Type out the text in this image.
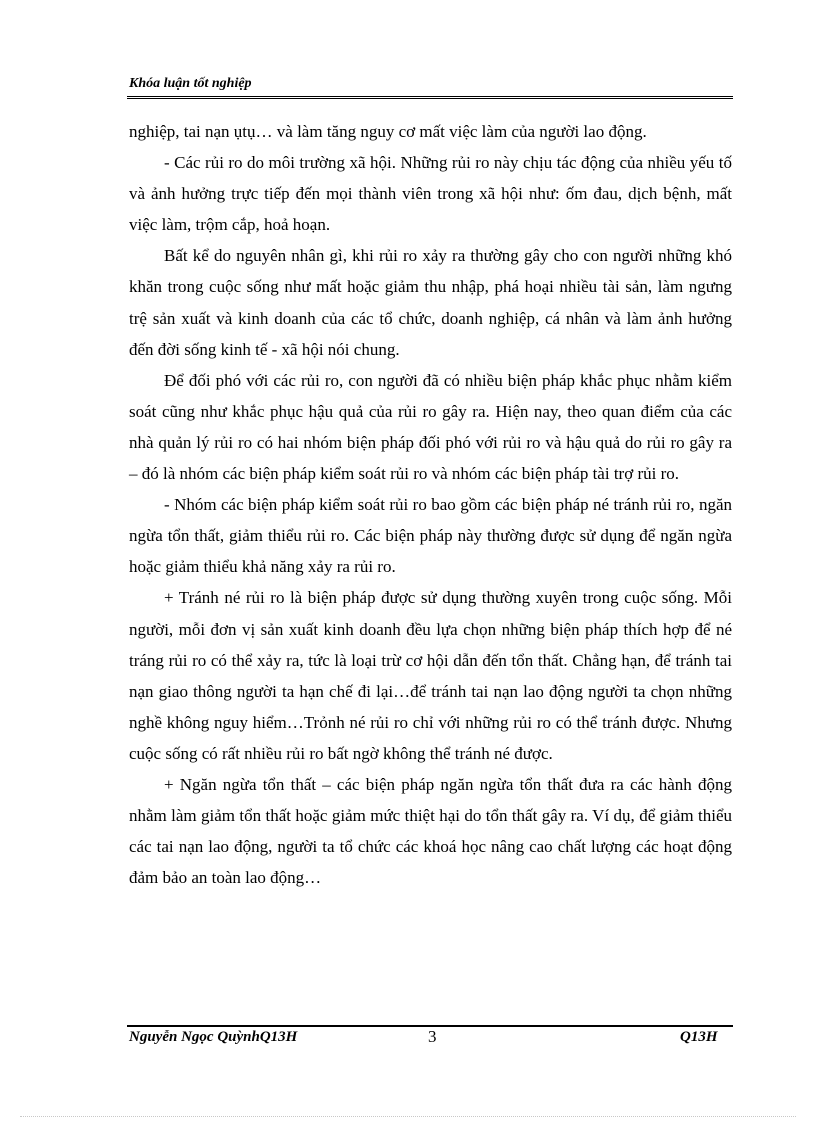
Khóa luận tốt nghiệp

nghiệp, tai nạn ụtụ… và làm tăng nguy cơ mất việc làm của người lao động.

- Các rủi ro do môi trường xã hội. Những rủi ro này chịu tác động của nhiều yếu tố và ảnh hưởng trực tiếp đến mọi thành viên trong xã hội như: ốm đau, dịch bệnh, mất việc làm, trộm cắp, hoả hoạn.

Bất kể do nguyên nhân gì, khi rủi ro xảy ra thường gây cho con người những khó khăn trong cuộc sống như mất hoặc giảm thu nhập, phá hoại nhiều tài sản, làm ngưng trệ sản xuất và kinh doanh của các tổ chức, doanh nghiệp, cá nhân và làm ảnh hưởng đến đời sống kinh tế - xã hội nói chung.

Để đối phó với các rủi ro, con người đã có nhiều biện pháp khắc phục nhằm kiểm soát cũng như khắc phục hậu quả của rủi ro gây ra. Hiện nay, theo quan điểm của các nhà quản lý rủi ro có hai nhóm biện pháp đối phó với rủi ro và hậu quả do rủi ro gây ra – đó là nhóm các biện pháp kiểm soát rủi ro và nhóm các biện pháp tài trợ rủi ro.

- Nhóm các biện pháp kiểm soát rủi ro bao gồm các biện pháp né tránh rủi ro, ngăn ngừa tổn thất, giảm thiểu rủi ro. Các biện pháp này thường được sử dụng để ngăn ngừa hoặc giảm thiểu khả năng xảy ra rủi ro.

+ Tránh né rủi ro là biện pháp được sử dụng thường xuyên trong cuộc sống. Mỗi người, mỗi đơn vị sản xuất kinh doanh đều lựa chọn những biện pháp thích hợp để né tráng rủi ro có thể xảy ra, tức là loại trừ cơ hội dẫn đến tổn thất. Chẳng hạn, để tránh tai nạn giao thông người ta hạn chế đi lại…để tránh tai nạn lao động người ta chọn những nghề không nguy hiểm…Trỏnh né rủi ro chỉ với những rủi ro có thể tránh được. Nhưng cuộc sống có rất nhiều rủi ro bất ngờ không thể tránh né được.

+ Ngăn ngừa tổn thất – các biện pháp ngăn ngừa tổn thất đưa ra các hành động nhằm làm giảm tổn thất hoặc giảm mức thiệt hại do tổn thất gây ra. Ví dụ, để giảm thiểu các tai nạn lao động, người ta tổ chức các khoá học nâng cao chất lượng các hoạt động đảm bảo an toàn lao động…

Nguyễn Ngọc QuỳnhQ13H	3	Q13H
